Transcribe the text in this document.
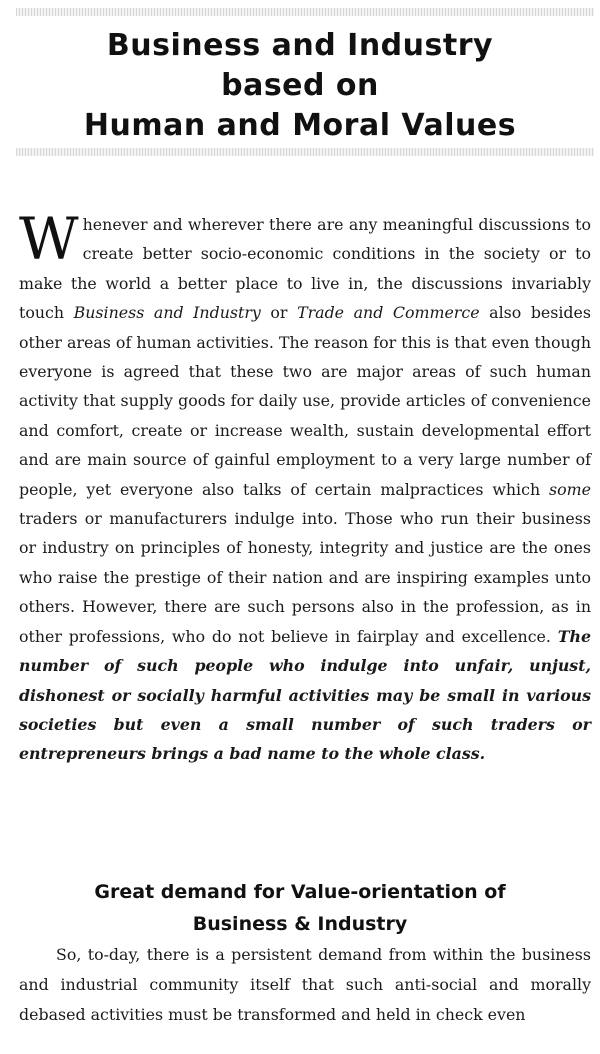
Business and Industry
based on
Human and Moral Values
Whenever and wherever there are any meaningful discussions to create better socio-economic conditions in the society or to make the world a better place to live in, the discussions invariably touch Business and Industry or Trade and Commerce also besides other areas of human activities. The reason for this is that even though everyone is agreed that these two are major areas of such human activity that supply goods for daily use, provide articles of convenience and comfort, create or increase wealth, sustain developmental effort and are main source of gainful employment to a very large number of people, yet everyone also talks of certain malpractices which some traders or manufacturers indulge into. Those who run their business or industry on principles of honesty, integrity and justice are the ones who raise the prestige of their nation and are inspiring examples unto others. However, there are such persons also in the profession, as in other professions, who do not believe in fairplay and excellence. The number of such people who indulge into unfair, unjust, dishonest or socially harmful activities may be small in various societies but even a small number of such traders or entrepreneurs brings a bad name to the whole class.
Great demand for Value-orientation of
Business & Industry
So, to-day, there is a persistent demand from within the business and industrial community itself that such anti-social and morally debased activities must be transformed and held in check even
